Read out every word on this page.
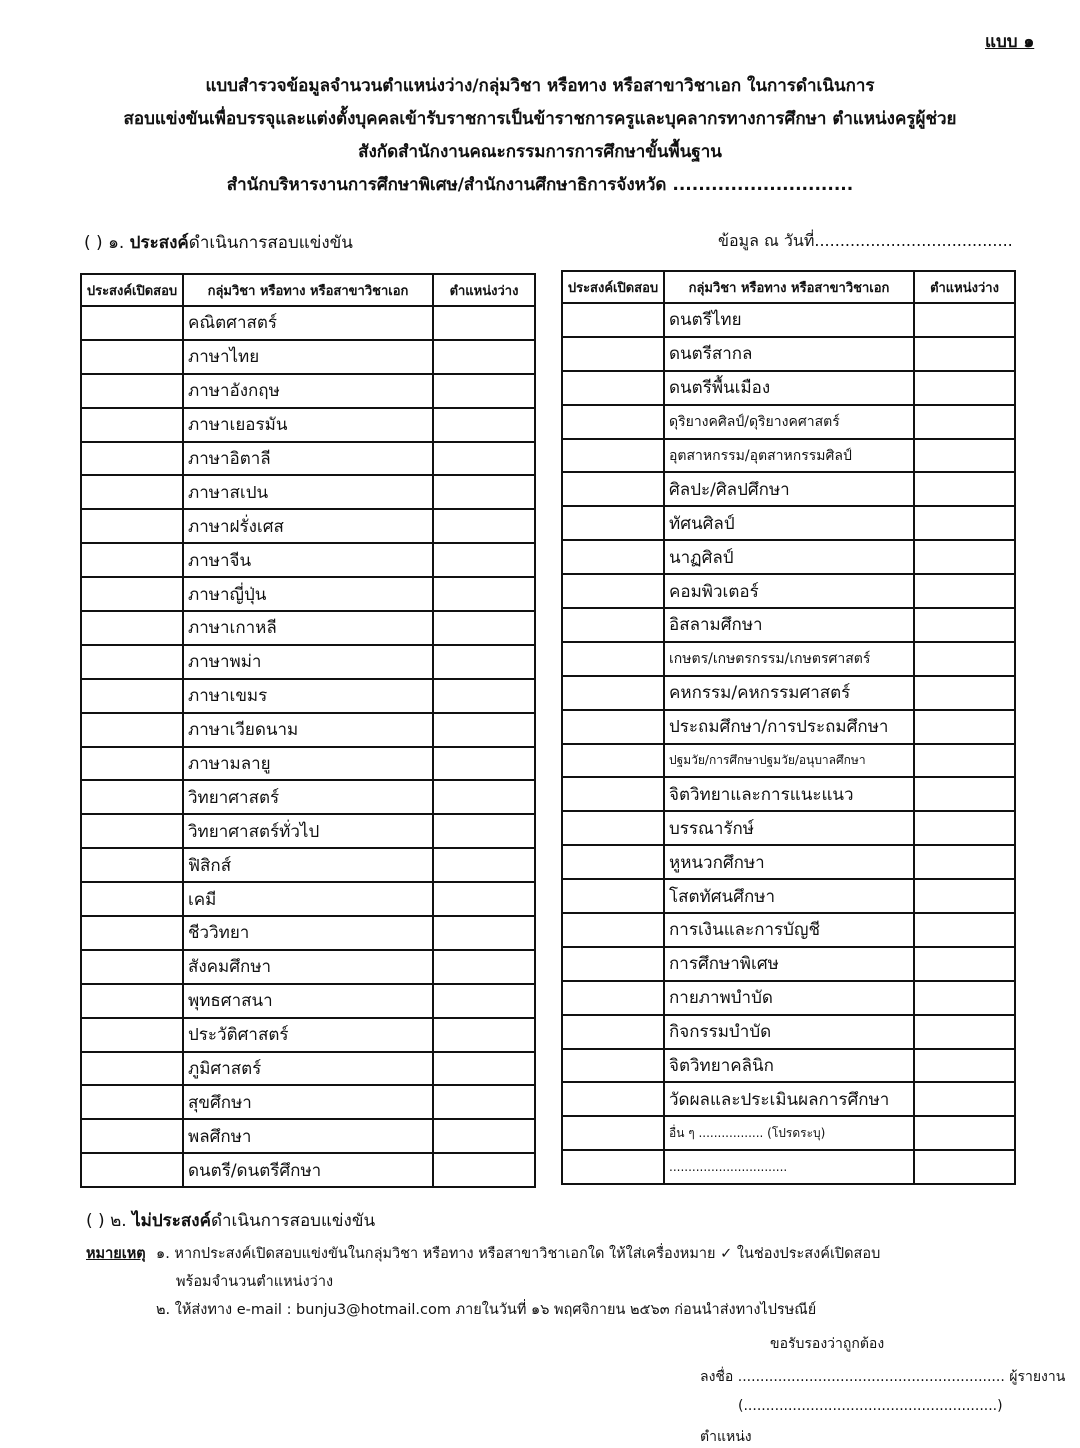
แบบ ๑
แบบสำรวจข้อมูลจำนวนตำแหน่งว่าง/กลุ่มวิชา หรือทาง หรือสาขาวิชาเอก ในการดำเนินการ
สอบแข่งขันเพื่อบรรจุและแต่งตั้งบุคคลเข้ารับราชการเป็นข้าราชการครูและบุคลากรทางการศึกษา ตำแหน่งครูผู้ช่วย
สังกัดสำนักงานคณะกรรมการการศึกษาขั้นพื้นฐาน
สำนักบริหารงานการศึกษาพิเศษ/สำนักงานศึกษาธิการจังหวัด ............................
( ) ๑. ประสงค์ดำเนินการสอบแข่งขัน	ข้อมูล ณ วันที่.......................................
ประสงค์เปิดสอบ	กลุ่มวิชา หรือทาง หรือสาขาวิชาเอก	ตำแหน่งว่าง
	คณิตศาสตร์	
	ภาษาไทย	
	ภาษาอังกฤษ	
	ภาษาเยอรมัน	
	ภาษาอิตาลี	
	ภาษาสเปน	
	ภาษาฝรั่งเศส	
	ภาษาจีน	
	ภาษาญี่ปุ่น	
	ภาษาเกาหลี	
	ภาษาพม่า	
	ภาษาเขมร	
	ภาษาเวียดนาม	
	ภาษามลายู	
	วิทยาศาสตร์	
	วิทยาศาสตร์ทั่วไป	
	ฟิสิกส์	
	เคมี	
	ชีววิทยา	
	สังคมศึกษา	
	พุทธศาสนา	
	ประวัติศาสตร์	
	ภูมิศาสตร์	
	สุขศึกษา	
	พลศึกษา	
	ดนตรี/ดนตรีศึกษา	
ประสงค์เปิดสอบ	กลุ่มวิชา หรือทาง หรือสาขาวิชาเอก	ตำแหน่งว่าง
	ดนตรีไทย	
	ดนตรีสากล	
	ดนตรีพื้นเมือง	
	ดุริยางคศิลป์/ดุริยางคศาสตร์	
	อุตสาหกรรม/อุตสาหกรรมศิลป์	
	ศิลปะ/ศิลปศึกษา	
	ทัศนศิลป์	
	นาฏศิลป์	
	คอมพิวเตอร์	
	อิสลามศึกษา	
	เกษตร/เกษตรกรรม/เกษตรศาสตร์	
	คหกรรม/คหกรรมศาสตร์	
	ประถมศึกษา/การประถมศึกษา	
	ปฐมวัย/การศึกษาปฐมวัย/อนุบาลศึกษา	
	จิตวิทยาและการแนะแนว	
	บรรณารักษ์	
	หูหนวกศึกษา	
	โสตทัศนศึกษา	
	การเงินและการบัญชี	
	การศึกษาพิเศษ	
	กายภาพบำบัด	
	กิจกรรมบำบัด	
	จิตวิทยาคลินิก	
	วัดผลและประเมินผลการศึกษา	
	อื่น ๆ ................. (โปรดระบุ)	
	...............................	
( ) ๒. ไม่ประสงค์ดำเนินการสอบแข่งขัน
หมายเหตุ ๑. หากประสงค์เปิดสอบแข่งขันในกลุ่มวิชา หรือทาง หรือสาขาวิชาเอกใด ให้ใส่เครื่องหมาย ✓ ในช่องประสงค์เปิดสอบ
พร้อมจำนวนตำแหน่งว่าง
๒. ให้ส่งทาง e-mail : bunju3@hotmail.com ภายในวันที่ ๑๖ พฤศจิกายน ๒๕๖๓ ก่อนนำส่งทางไปรษณีย์
ขอรับรองว่าถูกต้อง
ลงชื่อ ............................................................ ผู้รายงาน
(.........................................................)
ตำแหน่ง
